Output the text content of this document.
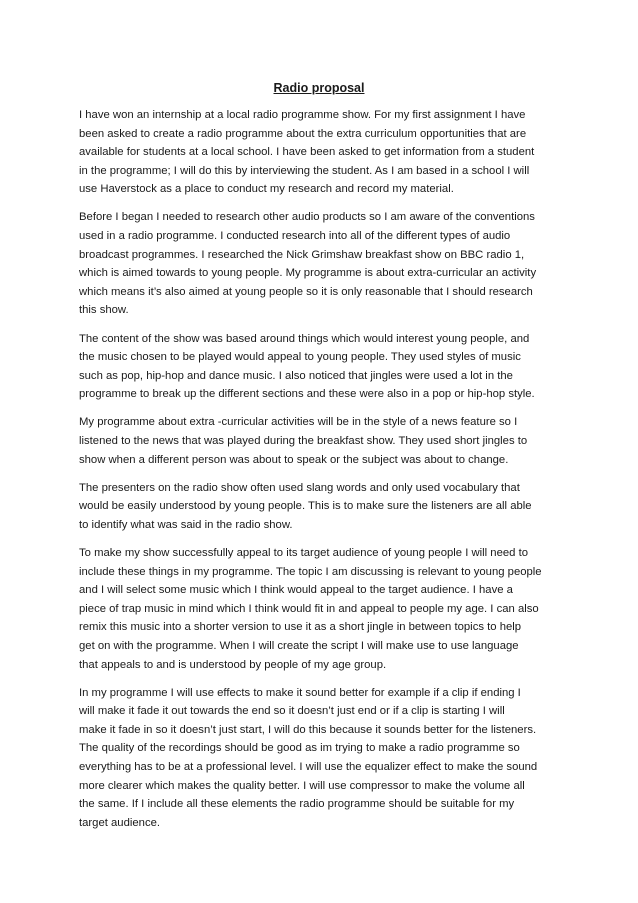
Radio proposal
I have won an internship at a local radio programme show. For my first assignment I have
been asked to create a radio programme about the extra curriculum opportunities that are
available for students at a local school. I have been asked to get information from a student
in the programme; I will do this by interviewing the student. As I am based in a school I will
use Haverstock as a place to conduct my research and record my material.
Before I began I needed to research other audio products so I am aware of the conventions
used in a radio programme. I conducted research into all of the different types of audio
broadcast programmes. I researched the Nick Grimshaw breakfast show on BBC radio 1,
which is aimed towards to young people. My programme is about extra-curricular an activity
which means it’s also aimed at young people so it is only reasonable that I should research
this show.
The content of the show was based around things which would interest young people, and
the music chosen to be played would appeal to young people. They used styles of music
such as pop, hip-hop and dance music. I also noticed that jingles were used a lot in the
programme to break up the different sections and these were also in a pop or hip-hop style.
My programme about extra -curricular activities will be in the style of a news feature so I
listened to the news that was played during the breakfast show. They used short jingles to
show when a different person was about to speak or the subject was about to change.
The presenters on the radio show often used slang words and only used vocabulary that
would be easily understood by young people. This is to make sure the listeners are all able
to identify what was said in the radio show.
To make my show successfully appeal to its target audience of young people I will need to
include these things in my programme. The topic I am discussing is relevant to young people
and I will select some music which I think would appeal to the target audience. I have a
piece of trap music in mind which I think would fit in and appeal to people my age. I can also
remix this music into a shorter version to use it as a short jingle in between topics to help
get on with the programme. When I will create the script I will make use to use language
that appeals to and is understood by people of my age group.
In my programme I will use effects to make it sound better for example if a clip if ending I
will make it fade it out towards the end so it doesn’t just end or if a clip is starting I will
make it fade in so it doesn’t just start, I will do this because it sounds better for the listeners.
The quality of the recordings should be good as im trying to make a radio programme so
everything has to be at a professional level. I will use the equalizer effect to make the sound
more clearer which makes the quality better. I will use compressor to make the volume all
the same. If I include all these elements the radio programme should be suitable for my
target audience.
